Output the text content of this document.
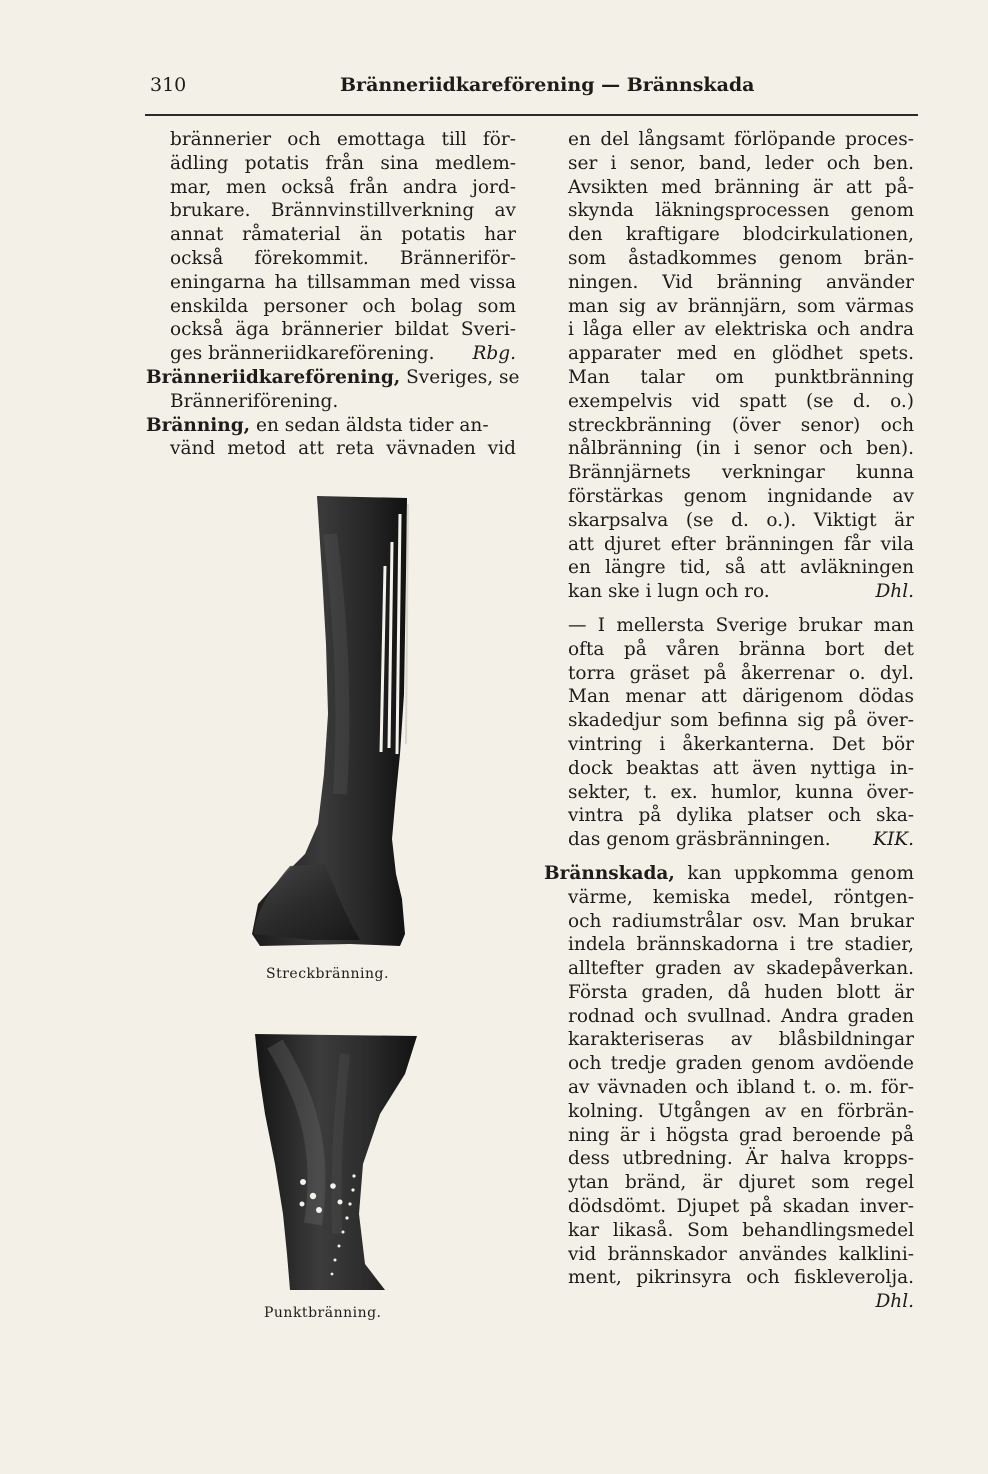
310	Bränneriidkareförening — Brännskada
brännerier och emottaga till för-
ädling potatis från sina medlem-
mar, men också från andra jord-
brukare. Brännvinstillverkning av
annat råmaterial än potatis har
också förekommit. Bränneriför-
eningarna ha tillsamman med vissa
enskilda personer och bolag som
också äga brännerier bildat Sveri-
ges bränneriidkareförening. Rbg.
Bränneriidkareförening, Sveriges, se
Bränneriförening.
Bränning, en sedan äldsta tider an-
vänd metod att reta vävnaden vid
Streckbränning.
Punktbränning.
en del långsamt förlöpande proces-
ser i senor, band, leder och ben.
Avsikten med bränning är att på-
skynda läkningsprocessen genom
den kraftigare blodcirkulationen,
som åstadkommes genom brän-
ningen. Vid bränning använder
man sig av brännjärn, som värmas
i låga eller av elektriska och andra
apparater med en glödhet spets.
Man talar om punktbränning
exempelvis vid spatt (se d. o.)
streckbränning (över senor) och
nålbränning (in i senor och ben).
Brännjärnets verkningar kunna
förstärkas genom ingnidande av
skarpsalva (se d. o.). Viktigt är
att djuret efter bränningen får vila
en längre tid, så att avläkningen
kan ske i lugn och ro.	Dhl.
— I mellersta Sverige brukar man
ofta på våren bränna bort det
torra gräset på åkerrenar o. dyl.
Man menar att därigenom dödas
skadedjur som befinna sig på över-
vintring i åkerkanterna. Det bör
dock beaktas att även nyttiga in-
sekter, t. ex. humlor, kunna över-
vintra på dylika platser och ska-
das genom gräsbränningen. KIK.
Brännskada, kan uppkomma genom
värme, kemiska medel, röntgen-
och radiumstrålar osv. Man brukar
indela brännskadorna i tre stadier,
alltefter graden av skadepåverkan.
Första graden, då huden blott är
rodnad och svullnad. Andra graden
karakteriseras av blåsbildningar
och tredje graden genom avdöende
av vävnaden och ibland t. o. m. för-
kolning. Utgången av en förbrän-
ning är i högsta grad beroende på
dess utbredning. Är halva kropps-
ytan bränd, är djuret som regel
dödsdömt. Djupet på skadan inver-
kar likaså. Som behandlingsmedel
vid brännskador användes kalklini-
ment, pikrinsyra och fiskleverolja.
Dhl.
